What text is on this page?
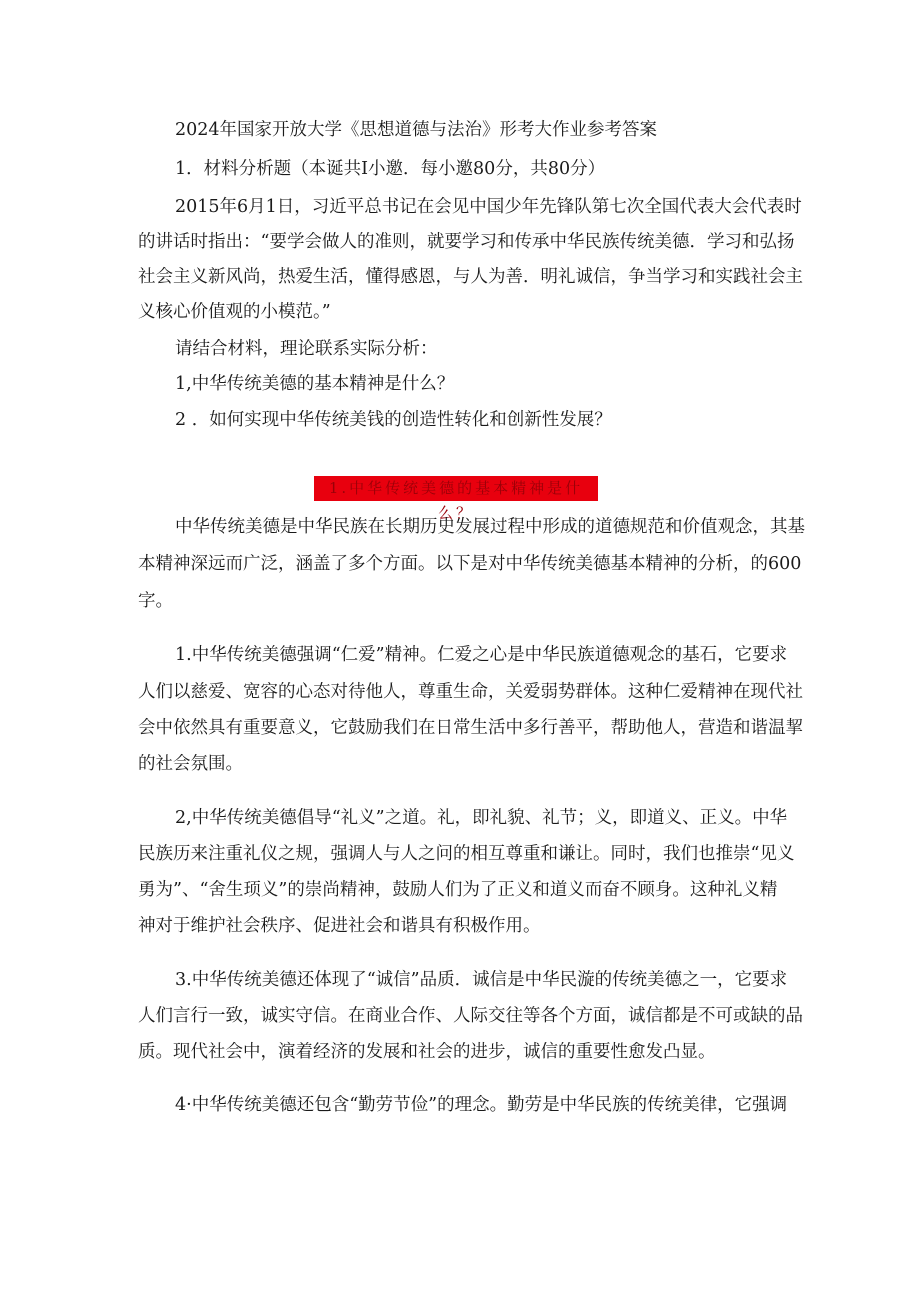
2024年国家开放大学《思想道德与法治》形考大作业参考答案
1．材料分析题（本诞共I小邀．每小邀80分，共80分）
2015年6月1日，习近平总书记在会见中国少年先锋队第七次全国代表大会代表时
的讲话时指出：“要学会做人的准则，就要学习和传承中华民族传统美德．学习和弘扬
社会主义新风尚，热爱生活，懂得感恩，与人为善．明礼诚信，争当学习和实践社会主
义核心价值观的小模范。”
请结合材料，理论联系实际分析：
1,中华传统美德的基本精神是什么？
2 ．如何实现中华传统美钱的创造性转化和创新性发展？
1.中华传统美德的基本精神是什么？
中华传统美德是中华民族在长期历史发展过程中形成的道德规范和价值观念，其基
本精神深远而广泛，涵盖了多个方面。以下是对中华传统美德基本精神的分析，的600
字。
1.中华传统美德强调“仁爱”精神。仁爱之心是中华民族道德观念的基石，它要求
人们以慈爱、宽容的心态对待他人，尊重生命，关爱弱势群体。这种仁爱精神在现代社
会中依然具有重要意义，它鼓励我们在日常生活中多行善平，帮助他人，营造和谐温挈
的社会氛围。
2,中华传统美德倡导“礼义”之道。礼，即礼貌、礼节；义，即道义、正义。中华
民族历来注重礼仪之规，强调人与人之问的相互尊重和谦让。同时，我们也推崇“见义
勇为”、“舍生顼义”的崇尚精神，鼓励人们为了正义和道义而奋不顾身。这种礼义精
神对于维护社会秩序、促进社会和谐具有积极作用。
3.中华传统美德还体现了“诚信”品质．诚信是中华民漩的传统美德之一，它要求
人们言行一致，诚实守信。在商业合作、人际交往等各个方面，诚信都是不可或缺的品
质。现代社会中，演着经济的发展和社会的进步，诚信的重要性愈发凸显。
4·中华传统美德还包含“勤劳节俭”的理念。勤劳是中华民族的传统美律，它强调
